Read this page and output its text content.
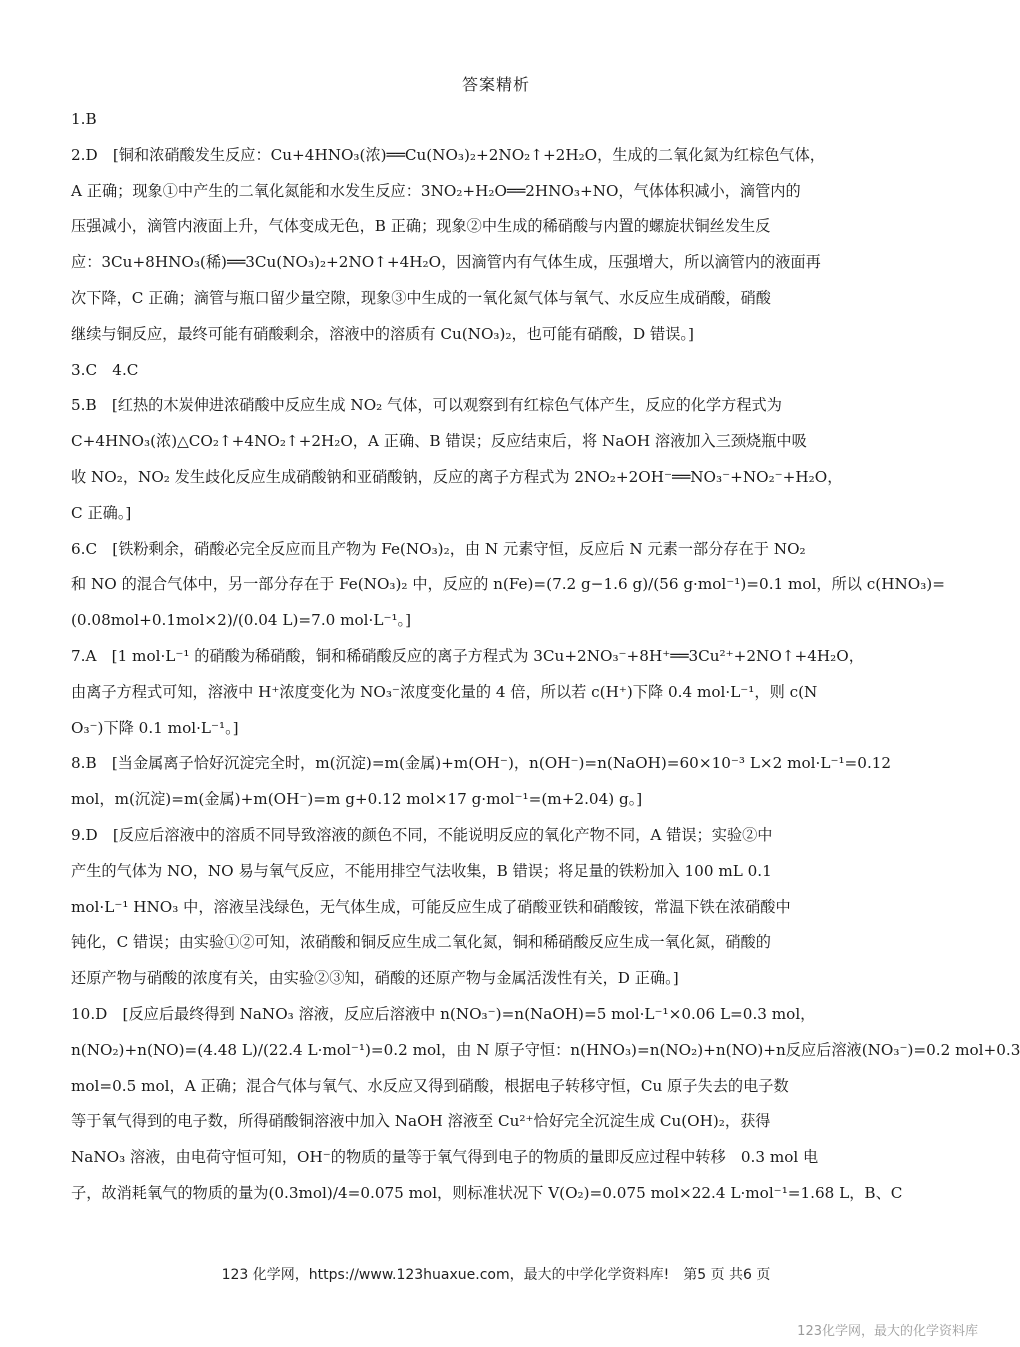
答案精析
1.B
2.D　[铜和浓硝酸发生反应：Cu+4HNO₃(浓)══Cu(NO₃)₂+2NO₂↑+2H₂O，生成的二氧化氮为红棕色气体，
A 正确；现象①中产生的二氧化氮能和水发生反应：3NO₂+H₂O══2HNO₃+NO，气体体积减小，滴管内的
压强减小，滴管内液面上升，气体变成无色，B 正确；现象②中生成的稀硝酸与内置的螺旋状铜丝发生反
应：3Cu+8HNO₃(稀)══3Cu(NO₃)₂+2NO↑+4H₂O，因滴管内有气体生成，压强增大，所以滴管内的液面再
次下降，C 正确；滴管与瓶口留少量空隙，现象③中生成的一氧化氮气体与氧气、水反应生成硝酸，硝酸
继续与铜反应，最终可能有硝酸剩余，溶液中的溶质有 Cu(NO₃)₂，也可能有硝酸，D 错误。]
3.C　4.C
5.B　[红热的木炭伸进浓硝酸中反应生成 NO₂ 气体，可以观察到有红棕色气体产生，反应的化学方程式为
C+4HNO₃(浓)△CO₂↑+4NO₂↑+2H₂O，A 正确、B 错误；反应结束后，将 NaOH 溶液加入三颈烧瓶中吸
收 NO₂，NO₂ 发生歧化反应生成硝酸钠和亚硝酸钠，反应的离子方程式为 2NO₂+2OH⁻══NO₃⁻+NO₂⁻+H₂O，
C 正确。]
6.C　[铁粉剩余，硝酸必完全反应而且产物为 Fe(NO₃)₂，由 N 元素守恒，反应后 N 元素一部分存在于 NO₂
和 NO 的混合气体中，另一部分存在于 Fe(NO₃)₂ 中，反应的 n(Fe)=(7.2 g−1.6 g)/(56 g·mol⁻¹)=0.1 mol，所以 c(HNO₃)=
(0.08mol+0.1mol×2)/(0.04 L)=7.0 mol·L⁻¹。]
7.A　[1 mol·L⁻¹ 的硝酸为稀硝酸，铜和稀硝酸反应的离子方程式为 3Cu+2NO₃⁻+8H⁺══3Cu²⁺+2NO↑+4H₂O，
由离子方程式可知，溶液中 H⁺浓度变化为 NO₃⁻浓度变化量的 4 倍，所以若 c(H⁺)下降 0.4 mol·L⁻¹，则 c(N
O₃⁻)下降 0.1 mol·L⁻¹。]
8.B　[当金属离子恰好沉淀完全时，m(沉淀)=m(金属)+m(OH⁻)，n(OH⁻)=n(NaOH)=60×10⁻³ L×2 mol·L⁻¹=0.12
mol，m(沉淀)=m(金属)+m(OH⁻)=m g+0.12 mol×17 g·mol⁻¹=(m+2.04) g。]
9.D　[反应后溶液中的溶质不同导致溶液的颜色不同，不能说明反应的氧化产物不同，A 错误；实验②中
产生的气体为 NO，NO 易与氧气反应，不能用排空气法收集，B 错误；将足量的铁粉加入 100 mL 0.1
mol·L⁻¹ HNO₃ 中，溶液呈浅绿色，无气体生成，可能反应生成了硝酸亚铁和硝酸铵，常温下铁在浓硝酸中
钝化，C 错误；由实验①②可知，浓硝酸和铜反应生成二氧化氮，铜和稀硝酸反应生成一氧化氮，硝酸的
还原产物与硝酸的浓度有关，由实验②③知，硝酸的还原产物与金属活泼性有关，D 正确。]
10.D　[反应后最终得到 NaNO₃ 溶液，反应后溶液中 n(NO₃⁻)=n(NaOH)=5 mol·L⁻¹×0.06 L=0.3 mol，
n(NO₂)+n(NO)=(4.48 L)/(22.4 L·mol⁻¹)=0.2 mol，由 N 原子守恒：n(HNO₃)=n(NO₂)+n(NO)+n反应后溶液(NO₃⁻)=0.2 mol+0.3
mol=0.5 mol，A 正确；混合气体与氧气、水反应又得到硝酸，根据电子转移守恒，Cu 原子失去的电子数
等于氧气得到的电子数，所得硝酸铜溶液中加入 NaOH 溶液至 Cu²⁺恰好完全沉淀生成 Cu(OH)₂，获得
NaNO₃ 溶液，由电荷守恒可知，OH⁻的物质的量等于氧气得到电子的物质的量即反应过程中转移　0.3 mol 电
子，故消耗氧气的物质的量为(0.3mol)/4=0.075 mol，则标准状况下 V(O₂)=0.075 mol×22.4 L·mol⁻¹=1.68 L，B、C
123 化学网，https://www.123huaxue.com，最大的中学化学资料库!　第5 页 共6 页
123化学网，最大的化学资料库
